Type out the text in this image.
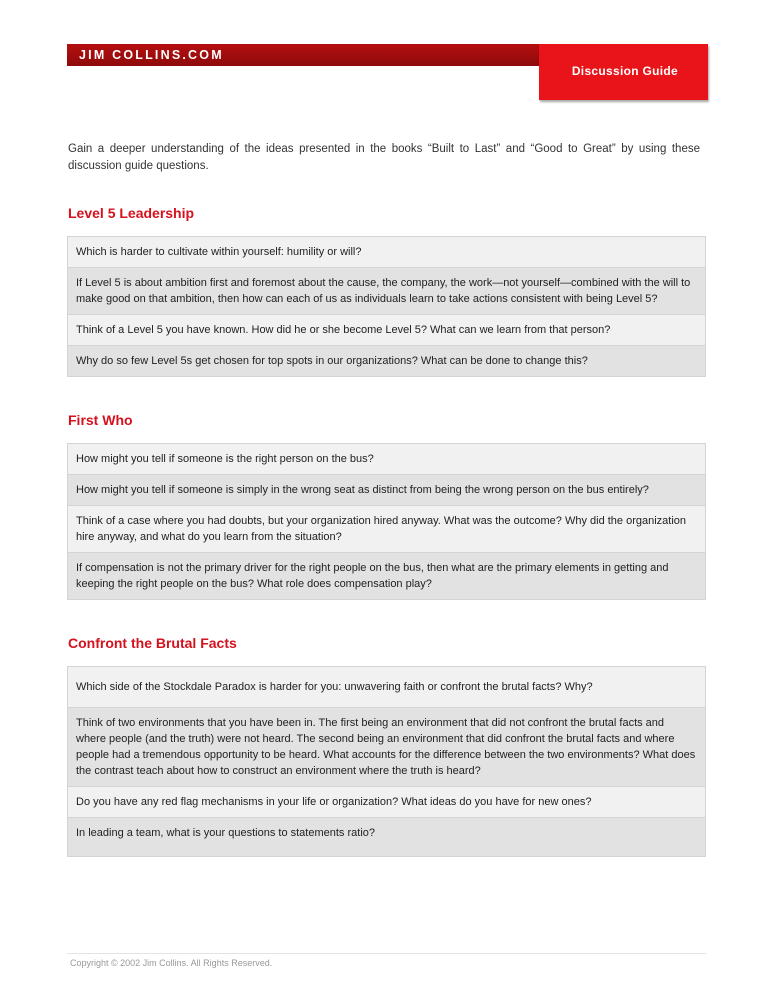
JIM COLLINS.COM
Discussion Guide
Gain a deeper understanding of the ideas presented in the books “Built to Last” and “Good to Great” by using these discussion guide questions.
Level 5 Leadership
Which is harder to cultivate within yourself: humility or will?
If Level 5 is about ambition first and foremost about the cause, the company, the work—not yourself—combined with the will to make good on that ambition, then how can each of us as individuals learn to take actions consistent with being Level 5?
Think of a Level 5 you have known. How did he or she become Level 5? What can we learn from that person?
Why do so few Level 5s get chosen for top spots in our organizations? What can be done to change this?
First Who
How might you tell if someone is the right person on the bus?
How might you tell if someone is simply in the wrong seat as distinct from being the wrong person on the bus entirely?
Think of a case where you had doubts, but your organization hired anyway. What was the outcome? Why did the organization hire anyway, and what do you learn from the situation?
If compensation is not the primary driver for the right people on the bus, then what are the primary elements in getting and keeping the right people on the bus? What role does compensation play?
Confront the Brutal Facts
Which side of the Stockdale Paradox is harder for you: unwavering faith or confront the brutal facts? Why?
Think of two environments that you have been in. The first being an environment that did not confront the brutal facts and where people (and the truth) were not heard. The second being an environment that did confront the brutal facts and where people had a tremendous opportunity to be heard. What accounts for the difference between the two environments? What does the contrast teach about how to construct an environment where the truth is heard?
Do you have any red flag mechanisms in your life or organization? What ideas do you have for new ones?
In leading a team, what is your questions to statements ratio?
Copyright © 2002 Jim Collins. All Rights Reserved.
